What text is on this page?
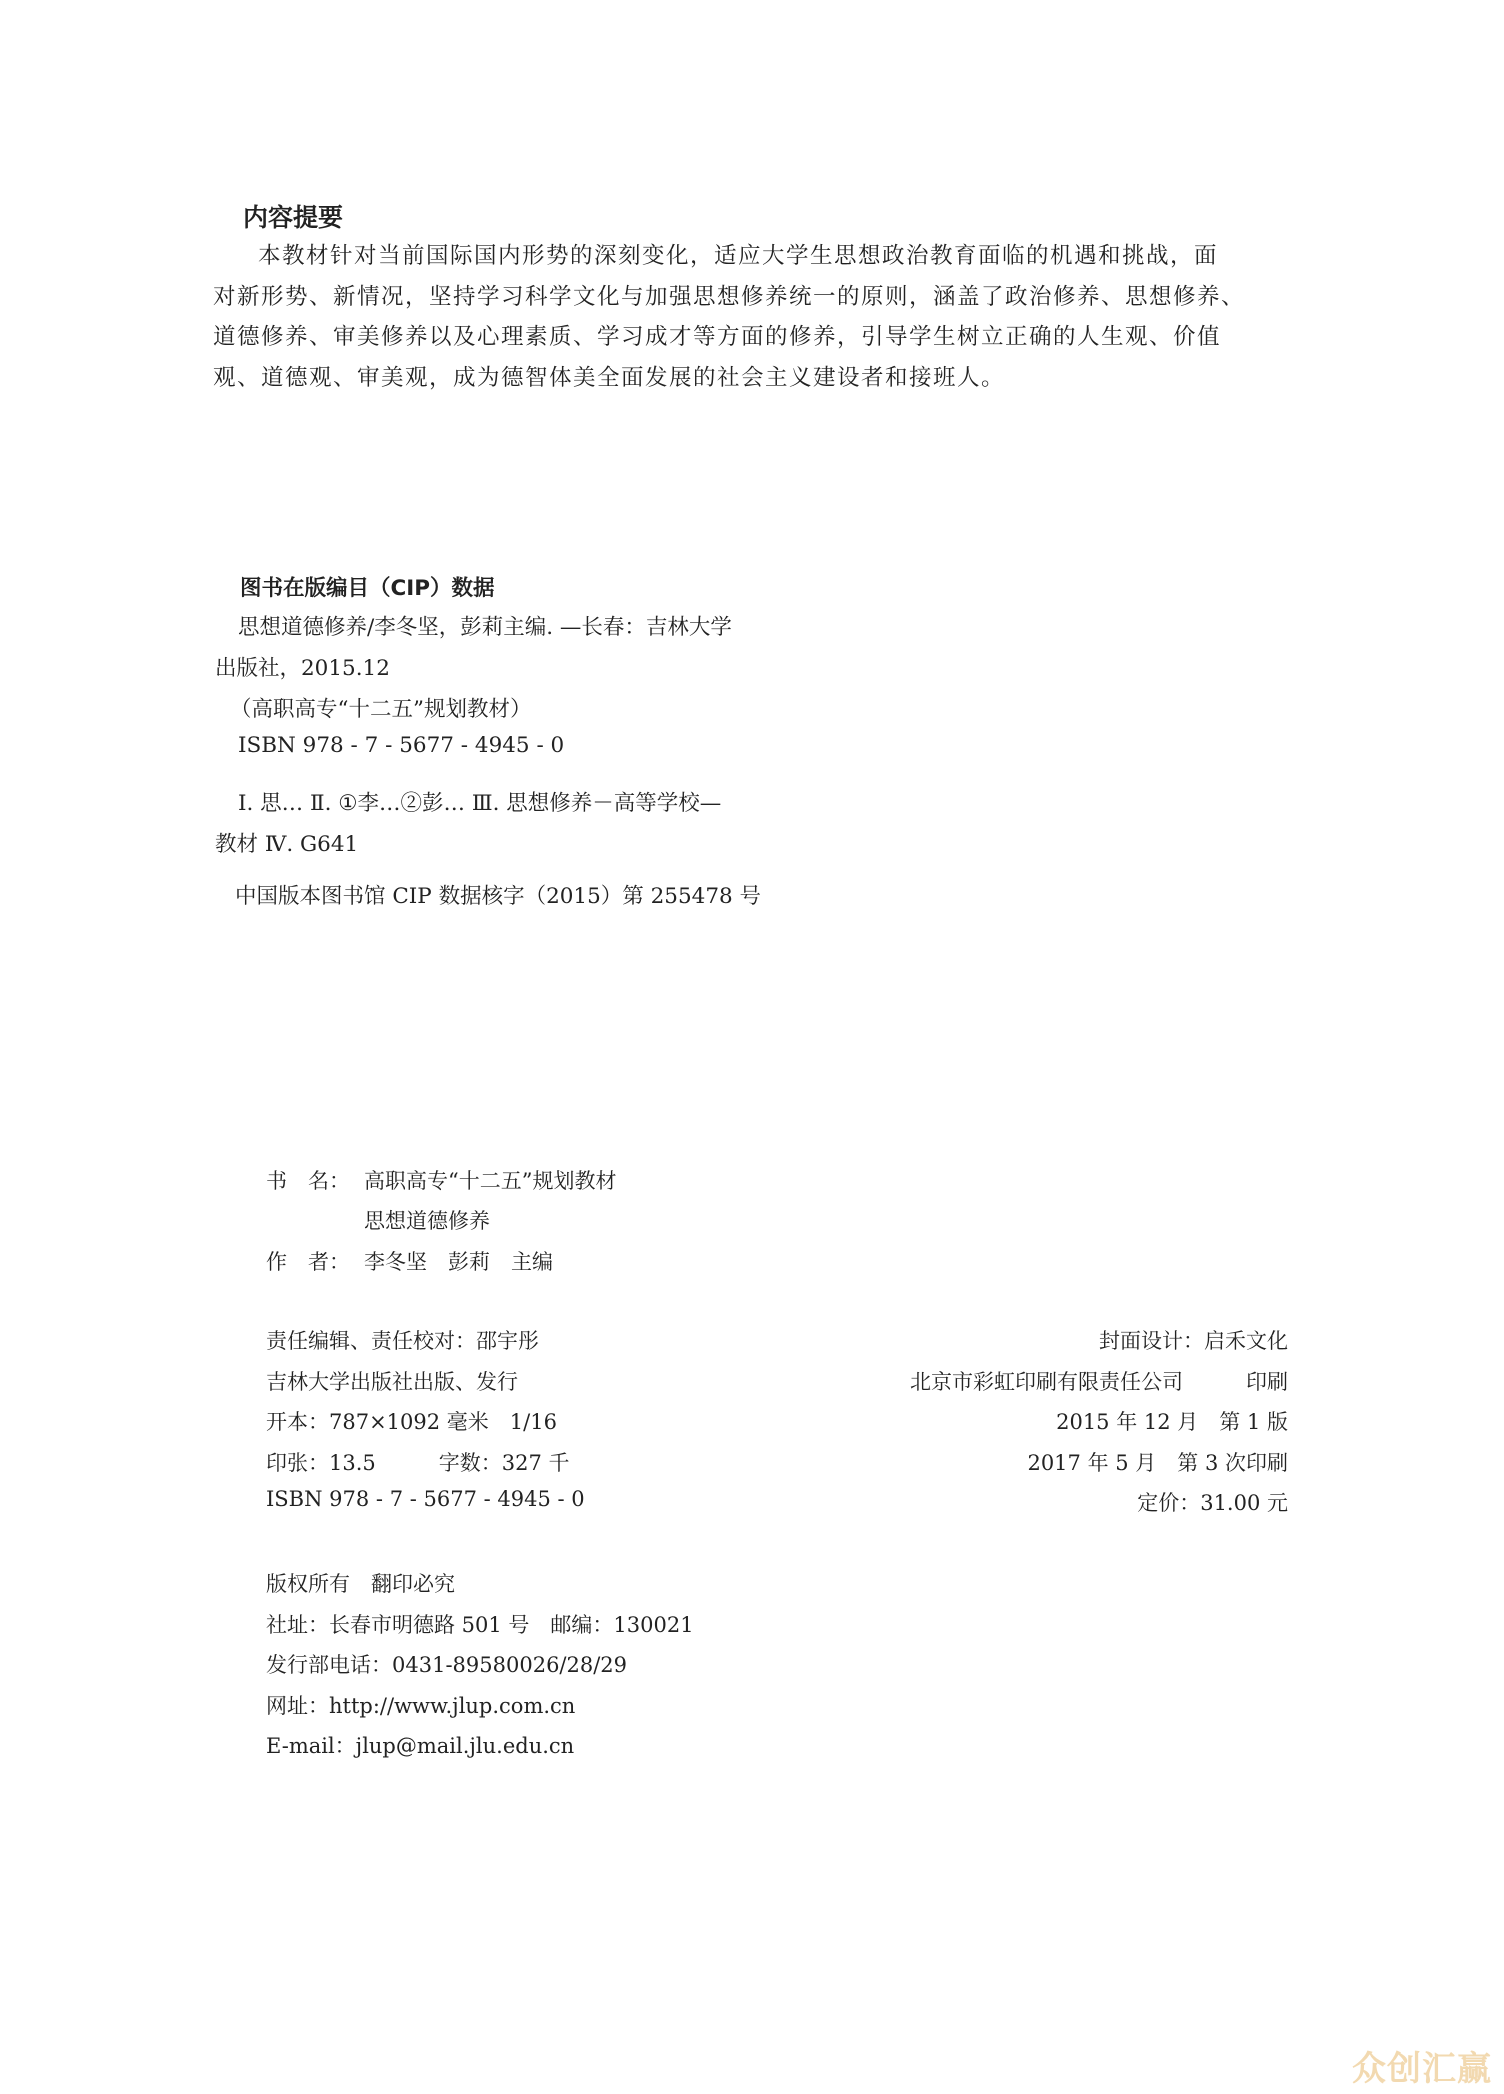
内容提要

本教材针对当前国际国内形势的深刻变化，适应大学生思想政治教育面临的机遇和挑战，面

对新形势、新情况，坚持学习科学文化与加强思想修养统一的原则，涵盖了政治修养、思想修养、

道德修养、审美修养以及心理素质、学习成才等方面的修养，引导学生树立正确的人生观、价值

观、道德观、审美观，成为德智体美全面发展的社会主义建设者和接班人。

图书在版编目（CIP）数据
思想道德修养/李冬坚，彭莉主编. —长春：吉林大学
出版社，2015.12
（高职高专“十二五”规划教材）
ISBN 978 - 7 - 5677 - 4945 - 0
Ⅰ. 思… Ⅱ. ①李…②彭… Ⅲ. 思想修养－高等学校—
教材 Ⅳ. G641
中国版本图书馆 CIP 数据核字（2015）第 255478 号
书　名： 高职高专“十二五”规划教材
思想道德修养
作　者： 李冬坚　彭莉　主编
责任编辑、责任校对：邵宇彤	封面设计：启禾文化
吉林大学出版社出版、发行	北京市彩虹印刷有限责任公司　　　印刷
开本：787×1092 毫米　1/16	2015 年 12 月　第 1 版
印张：13.5　　　字数：327 千	2017 年 5 月　第 3 次印刷
ISBN 978 - 7 - 5677 - 4945 - 0	定价：31.00 元
版权所有　翻印必究
社址：长春市明德路 501 号　邮编：130021
发行部电话：0431-89580026/28/29
网址：http://www.jlup.com.cn
E-mail：jlup@mail.jlu.edu.cn
众创汇赢
